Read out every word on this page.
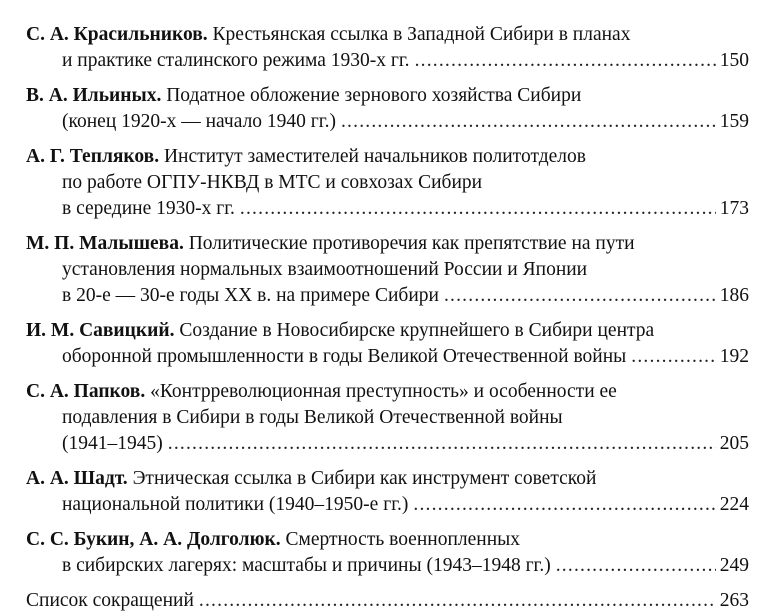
С. А. Красильников. Крестьянская ссылка в Западной Сибири в планах
и практике сталинского режима 1930-х гг. .....	150
В. А. Ильиных. Податное обложение зернового хозяйства Сибири
(конец 1920-х — начало 1940 гг.) .....	159
А. Г. Тепляков. Институт заместителей начальников политотделов
по работе ОГПУ-НКВД в МТС и совхозах Сибири
в середине 1930-х гг. .....	173
М. П. Малышева. Политические противоречия как препятствие на пути
установления нормальных взаимоотношений России и Японии
в 20-е — 30-е годы XX в. на примере Сибири .....	186
И. М. Савицкий. Создание в Новосибирске крупнейшего в Сибири центра
оборонной промышленности в годы Великой Отечественной войны .....	192
С. А. Папков. «Контрреволюционная преступность» и особенности ее
подавления в Сибири в годы Великой Отечественной войны
(1941–1945) .....	205
А. А. Шадт. Этническая ссылка в Сибири как инструмент советской
национальной политики (1940–1950-е гг.) .....	224
С. С. Букин, А. А. Долголюк. Смертность военнопленных
в сибирских лагерях: масштабы и причины (1943–1948 гг.) .....	249
Список сокращений .....	263
